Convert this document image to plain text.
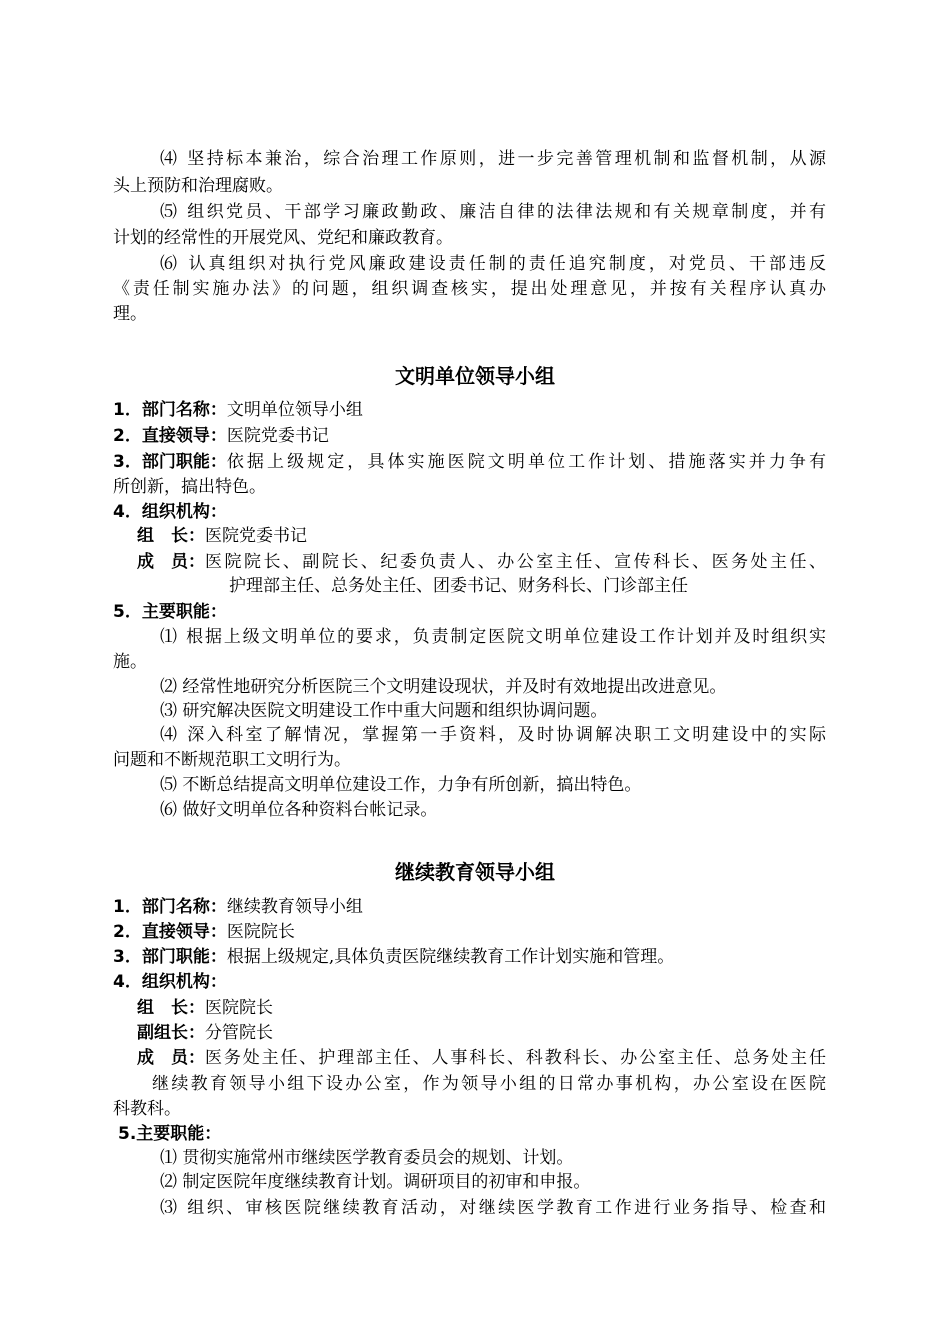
⑷ 坚持标本兼治，综合治理工作原则，进一步完善管理机制和监督机制，从源
头上预防和治理腐败。
⑸ 组织党员、干部学习廉政勤政、廉洁自律的法律法规和有关规章制度，并有
计划的经常性的开展党风、党纪和廉政教育。
⑹ 认真组织对执行党风廉政建设责任制的责任追究制度，对党员、干部违反
《责任制实施办法》的问题，组织调查核实，提出处理意见，并按有关程序认真办
理。
文明单位领导小组
1．部门名称：文明单位领导小组
2．直接领导：医院党委书记
3．部门职能： 依据上级规定，具体实施医院文明单位工作计划、措施落实并力争有
所创新，搞出特色。
4．组织机构：
组　长：医院党委书记
成　员： 医院院长、副院长、纪委负责人、办公室主任、宣传科长、医务处主任、
护理部主任、总务处主任、团委书记、财务科长、门诊部主任
5．主要职能：
⑴ 根据上级文明单位的要求，负责制定医院文明单位建设工作计划并及时组织实
施。
⑵ 经常性地研究分析医院三个文明建设现状，并及时有效地提出改进意见。
⑶ 研究解决医院文明建设工作中重大问题和组织协调问题。
⑷ 深入科室了解情况，掌握第一手资料，及时协调解决职工文明建设中的实际
问题和不断规范职工文明行为。
⑸ 不断总结提高文明单位建设工作，力争有所创新，搞出特色。
⑹ 做好文明单位各种资料台帐记录。
继续教育领导小组
1．部门名称：继续教育领导小组
2．直接领导：医院院长
3．部门职能：根据上级规定,具体负责医院继续教育工作计划实施和管理。
4．组织机构：
组　长：医院院长
副组长：分管院长
成　员： 医务处主任、护理部主任、人事科长、科教科长、办公室主任、总务处主任
继续教育领导小组下设办公室，作为领导小组的日常办事机构，办公室设在医院
科教科。
5.主要职能：
⑴ 贯彻实施常州市继续医学教育委员会的规划、计划。
⑵ 制定医院年度继续教育计划。调研项目的初审和申报。
⑶ 组织、审核医院继续教育活动，对继续医学教育工作进行业务指导、检查和
